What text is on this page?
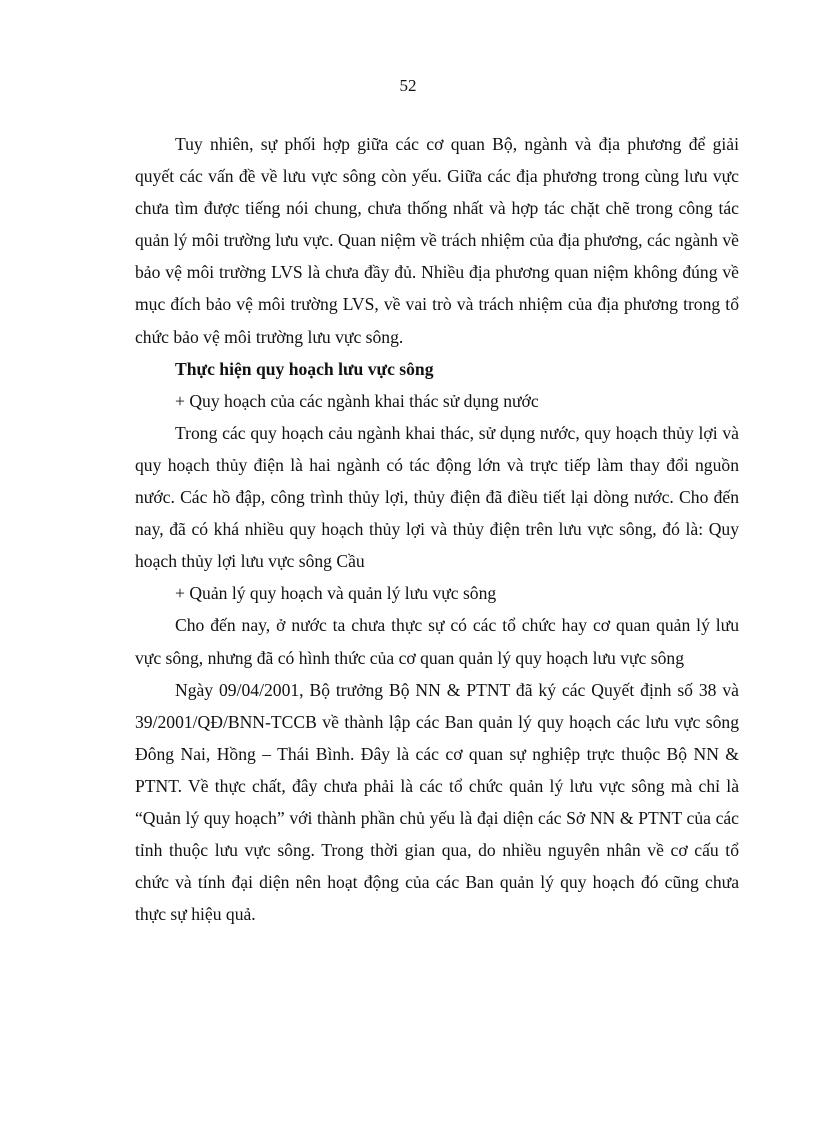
52

Tuy nhiên, sự phối hợp giữa các cơ quan Bộ, ngành và địa phương để giải quyết các vấn đề về lưu vực sông còn yếu. Giữa các địa phương trong cùng lưu vực chưa tìm được tiếng nói chung, chưa thống nhất và hợp tác chặt chẽ trong công tác quản lý môi trường lưu vực. Quan niệm về trách nhiệm của địa phương, các ngành về bảo vệ môi trường LVS là chưa đầy đủ. Nhiều địa phương quan niệm không đúng về mục đích bảo vệ môi trường LVS, về vai trò và trách nhiệm của địa phương trong tổ chức bảo vệ môi trường lưu vực sông.

Thực hiện quy hoạch lưu vực sông

+ Quy hoạch của các ngành khai thác sử dụng nước

Trong các quy hoạch cảu ngành khai thác, sử dụng nước, quy hoạch thủy lợi và quy hoạch thủy điện là hai ngành có tác động lớn và trực tiếp làm thay đổi nguồn nước. Các hồ đập, công trình thủy lợi, thủy điện đã điều tiết lại dòng nước. Cho đến nay, đã có khá nhiều quy hoạch thủy lợi và thủy điện trên lưu vực sông, đó là: Quy hoạch thủy lợi lưu vực sông Cầu

+ Quản lý quy hoạch và quản lý lưu vực sông

Cho đến nay, ở nước ta chưa thực sự có các tổ chức hay cơ quan quản lý lưu vực sông, nhưng đã có hình thức của cơ quan quản lý quy hoạch lưu vực sông

Ngày 09/04/2001, Bộ trưởng Bộ NN & PTNT đã ký các Quyết định số 38 và 39/2001/QĐ/BNN-TCCB về thành lập các Ban quản lý quy hoạch các lưu vực sông Đông Nai, Hồng – Thái Bình. Đây là các cơ quan sự nghiệp trực thuộc Bộ NN & PTNT. Về thực chất, đây chưa phải là các tổ chức quản lý lưu vực sông mà chỉ là “Quản lý quy hoạch” với thành phần chủ yếu là đại diện các Sở NN & PTNT của các tỉnh thuộc lưu vực sông. Trong thời gian qua, do nhiều nguyên nhân về cơ cấu tổ chức và tính đại diện nên hoạt động của các Ban quản lý quy hoạch đó cũng chưa thực sự hiệu quả.
